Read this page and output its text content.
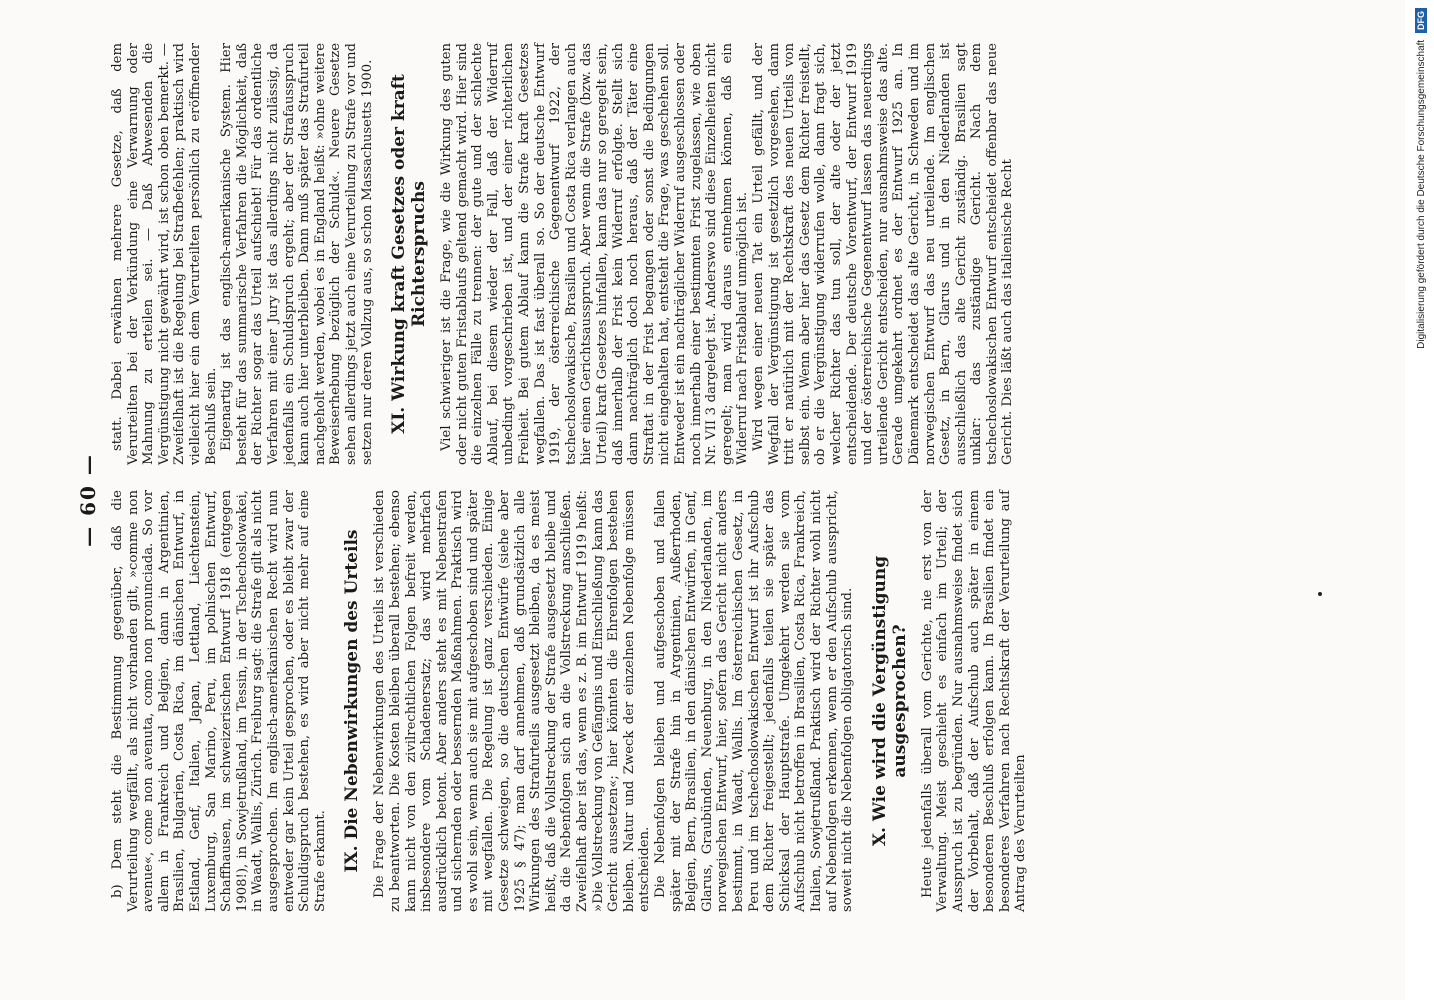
— 60 — b) Dem steht die Bestimmung gegenüber, daß die Verurteilung wegfällt, als nicht vorhanden gilt, »comme non avenue«, come non avenuta, como non pronunciada. So vor allem in Frankreich und Belgien, dann in Argentinien, Brasilien, Bulgarien, Costa Rica, im dänischen Entwurf, in Estland, Genf, Italien, Japan, Lettland, Liechtenstein, Luxemburg, San Marino, Peru, im polnischen Entwurf, Schaffhausen, im schweizerischen Entwurf 1918 (entgegen 1908!), in Sowjetrußland, im Tessin, in der Tschechoslowakei, in Waadt, Wallis, Zürich. Freiburg sagt: die Strafe gilt als nicht ausgesprochen. Im englisch-amerikanischen Recht wird nun entweder gar kein Urteil gesprochen, oder es bleibt zwar der Schuldigspruch bestehen, es wird aber nicht mehr auf eine Strafe erkannt. IX. Die Nebenwirkungen des Urteils Die Frage der Nebenwirkungen des Urteils ist verschieden zu beantworten. Die Kosten bleiben überall bestehen; ebenso kann nicht von den zivilrechtlichen Folgen befreit werden, insbesondere vom Schadenersatz; das wird mehrfach ausdrücklich betont. Aber anders steht es mit Nebenstrafen und sichernden oder bessernden Maßnahmen. Praktisch wird es wohl sein, wenn auch sie mit aufgeschoben sind und später mit wegfallen. Die Regelung ist ganz verschieden. Einige Gesetze schweigen, so die deutschen Entwürfe (siehe aber 1925 § 47); man darf annehmen, daß grundsätzlich alle Wirkungen des Strafurteils ausgesetzt bleiben, da es meist heißt, daß die Vollstreckung der Strafe ausgesetzt bleibe und da die Nebenfolgen sich an die Vollstreckung anschließen. Zweifelhaft aber ist das, wenn es z. B. im Entwurf 1919 heißt: »Die Vollstreckung von Gefängnis und Einschließung kann das Gericht aussetzen«; hier könnten die Ehrenfolgen bestehen bleiben. Natur und Zweck der einzelnen Nebenfolge müssen entscheiden. Die Nebenfolgen bleiben und aufgeschoben und fallen später mit der Strafe hin in Argentinien, Außerrhoden, Belgien, Bern, Brasilien, in den dänischen Entwürfen, in Genf, Glarus, Graubünden, Neuenburg, in den Niederlanden, im norwegischen Entwurf, hier, sofern das Gericht nicht anders bestimmt, in Waadt, Wallis. Im österreichischen Gesetz, in Peru und im tschechoslowakischen Entwurf ist ihr Aufschub dem Richter freigestellt; jedenfalls teilen sie später das Schicksal der Hauptstrafe. Umgekehrt werden sie vom Aufschub nicht betroffen in Brasilien, Costa Rica, Frankreich, Italien, Sowjetrußland. Praktisch wird der Richter wohl nicht auf Nebenfolgen erkennen, wenn er den Aufschub ausspricht, soweit nicht die Nebenfolgen obligatorisch sind. X. Wie wird die Vergünstigung ausgesprochen? Heute jedenfalls überall vom Gerichte, nie erst von der Verwaltung. Meist geschieht es einfach im Urteil; der Ausspruch ist zu begründen. Nur ausnahmsweise findet sich der Vorbehalt, daß der Aufschub auch später in einem besonderen Beschluß erfolgen kann. In Brasilien findet ein besonderes Verfahren nach Rechtskraft der Verurteilung auf Antrag des Verurteilten

statt. Dabei erwähnen mehrere Gesetze, daß dem Verurteilten bei der Verkündung eine Verwarnung oder Mahnung zu erteilen sei. — Daß Abwesenden die Vergünstigung nicht gewährt wird, ist schon oben bemerkt. — Zweifelhaft ist die Regelung bei Strafbefehlen; praktisch wird vielleicht hier ein dem Verurteilten persönlich zu eröffnender Beschluß sein. Eigenartig ist das englisch-amerikanische System. Hier besteht für das summarische Verfahren die Möglichkeit, daß der Richter sogar das Urteil aufschiebt! Für das ordentliche Verfahren mit einer Jury ist das allerdings nicht zulässig, da jedenfalls ein Schuldspruch ergeht; aber der Strafausspruch kann auch hier unterbleiben. Dann muß später das Strafurteil nachgeholt werden, wobei es in England heißt: »ohne weitere Beweiserhebung bezüglich der Schuld«. Neuere Gesetze sehen allerdings jetzt auch eine Verurteilung zu Strafe vor und setzen nur deren Vollzug aus, so schon Massachusetts 1900. XI. Wirkung kraft Gesetzes oder kraft Richterspruchs Viel schwieriger ist die Frage, wie die Wirkung des guten oder nicht guten Fristablaufs geltend gemacht wird. Hier sind die einzelnen Fälle zu trennen: der gute und der schlechte Ablauf, bei diesem wieder der Fall, daß der Widerruf unbedingt vorgeschrieben ist, und der einer richterlichen Freiheit. Bei gutem Ablauf kann die Strafe kraft Gesetzes wegfallen. Das ist fast überall so. So der deutsche Entwurf 1919, der österreichische Gegenentwurf 1922, der tschechoslowakische, Brasilien und Costa Rica verlangen auch hier einen Gerichtsausspruch. Aber wenn die Strafe (bzw. das Urteil) kraft Gesetzes hinfallen, kann das nur so geregelt sein, daß innerhalb der Frist kein Widerruf erfolgte. Stellt sich dann nachträglich doch noch heraus, daß der Täter eine Straftat in der Frist begangen oder sonst die Bedingungen nicht eingehalten hat, entsteht die Frage, was geschehen soll. Entweder ist ein nachträglicher Widerruf ausgeschlossen oder noch innerhalb einer bestimmten Frist zugelassen, wie oben Nr. VII 3 dargelegt ist. Anderswo sind diese Einzelheiten nicht geregelt; man wird daraus entnehmen können, daß ein Widerruf nach Fristablauf unmöglich ist. Wird wegen einer neuen Tat ein Urteil gefällt, und der Wegfall der Vergünstigung ist gesetzlich vorgesehen, dann tritt er natürlich mit der Rechtskraft des neuen Urteils von selbst ein. Wenn aber hier das Gesetz dem Richter freistellt, ob er die Vergünstigung widerrufen wolle, dann fragt sich, welcher Richter das tun soll, der alte oder der jetzt entscheidende. Der deutsche Vorentwurf, der Entwurf 1919 und der österreichische Gegenentwurf lassen das neuerdings urteilende Gericht entscheiden, nur ausnahmsweise das alte. Gerade umgekehrt ordnet es der Entwurf 1925 an. In Dänemark entscheidet das alte Gericht, in Schweden und im norwegischen Entwurf das neu urteilende. Im englischen Gesetz, in Bern, Glarus und in den Niederlanden ist ausschließlich das alte Gericht zuständig. Brasilien sagt unklar: das zuständige Gericht. Nach dem tschechoslowakischen Entwurf entscheidet offenbar das neue Gericht. Dies läßt auch das italienische Recht	Digitalisierung gefördert durch die Deutsche Forschungsgemeinschaft DFG
